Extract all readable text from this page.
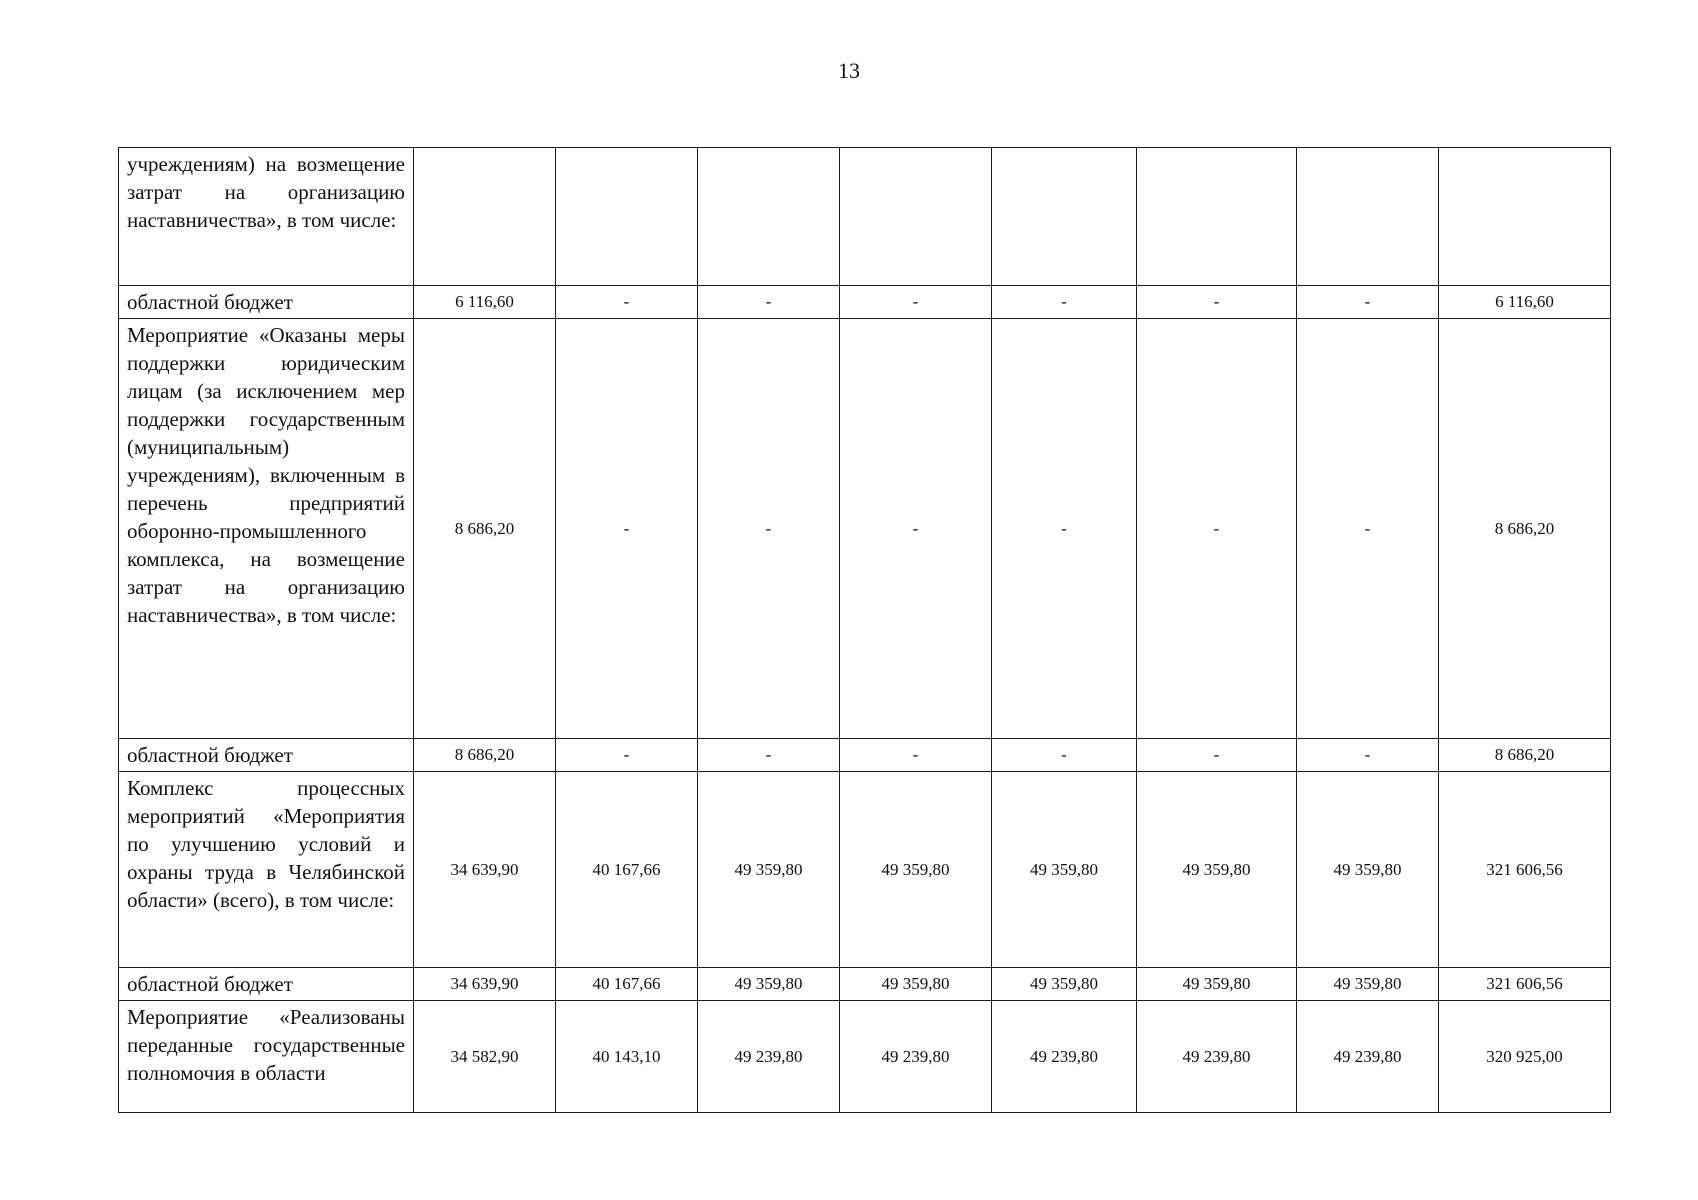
13
учреждениям) на возмещение затрат на организацию наставничества», в том числе:								

областной бюджет	6 116,60	-	-	-	-	-	-	6 116,60

Мероприятие «Оказаны меры поддержки юридическим лицам (за исключением мер поддержки государственным (муниципальным) учреждениям), включенным в перечень предприятий оборонно-промышленного комплекса, на возмещение затрат на организацию наставничества», в том числе:	8 686,20	-	-	-	-	-	-	8 686,20

областной бюджет	8 686,20	-	-	-	-	-	-	8 686,20

Комплекс процессных мероприятий «Мероприятия по улучшению условий и охраны труда в Челябинской области» (всего), в том числе:	34 639,90	40 167,66	49 359,80	49 359,80	49 359,80	49 359,80	49 359,80	321 606,56

областной бюджет	34 639,90	40 167,66	49 359,80	49 359,80	49 359,80	49 359,80	49 359,80	321 606,56

Мероприятие «Реализованы переданные государственные полномочия в области	34 582,90	40 143,10	49 239,80	49 239,80	49 239,80	49 239,80	49 239,80	320 925,00
